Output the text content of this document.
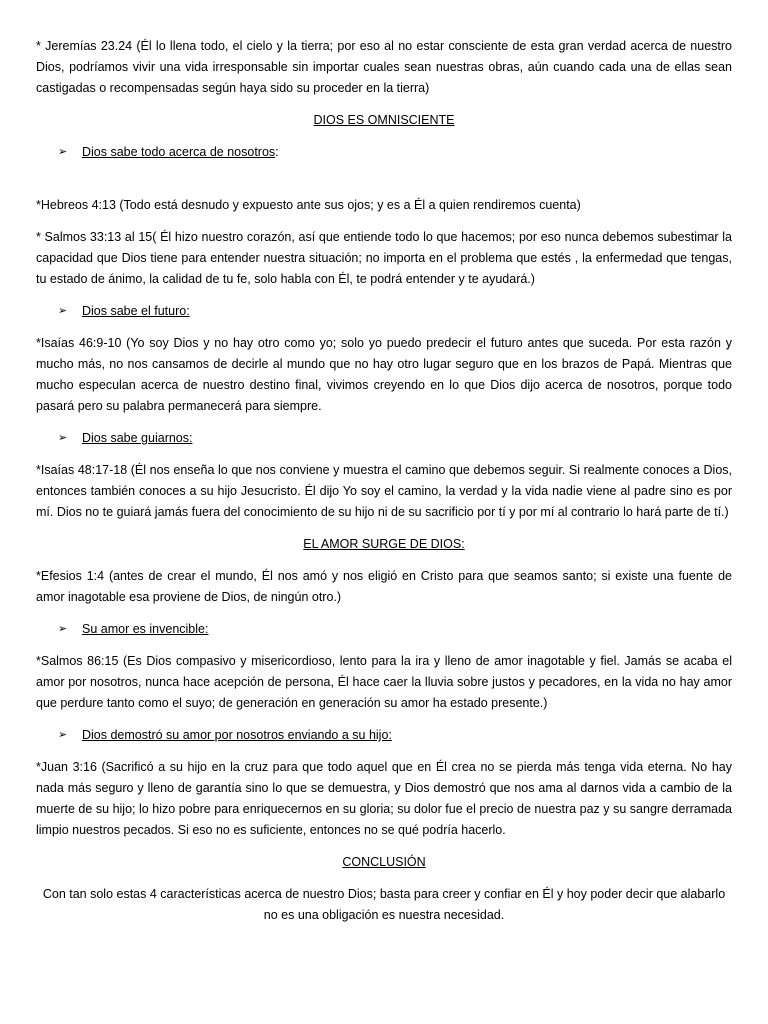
* Jeremías 23.24 (Él lo llena todo, el cielo y la tierra; por eso al no estar consciente de esta gran verdad acerca de nuestro Dios, podríamos vivir una vida irresponsable sin importar cuales sean nuestras obras, aún cuando cada una de ellas sean castigadas o recompensadas según haya sido su proceder en la tierra)

DIOS ES OMNISCIENTE

➢ Dios sabe todo acerca de nosotros:

*Hebreos 4:13 (Todo está desnudo y expuesto ante sus ojos; y es a Él a quien rendiremos cuenta)

* Salmos 33:13 al 15( Él hizo nuestro corazón, así que entiende todo lo que hacemos; por eso nunca debemos subestimar la capacidad que Dios tiene para entender nuestra situación; no importa en el problema que estés , la enfermedad que tengas, tu estado de ánimo, la calidad de tu fe, solo habla con Él, te podrá entender y te ayudará.)

➢ Dios sabe el futuro:

*Isaías 46:9-10 (Yo soy Dios y no hay otro como yo; solo yo puedo predecir el futuro antes que suceda. Por esta razón y mucho más, no nos cansamos de decirle al mundo que no hay otro lugar seguro que en los brazos de Papá. Mientras que mucho especulan acerca de nuestro destino final, vivimos creyendo en lo que Dios dijo acerca de nosotros, porque todo pasará pero su palabra permanecerá para siempre.

➢ Dios sabe guiarnos:

*Isaías 48:17-18 (Él nos enseña lo que nos conviene y muestra el camino que debemos seguir. Si realmente conoces a Dios, entonces también conoces a su hijo Jesucristo. Él dijo Yo soy el camino, la verdad y la vida nadie viene al padre sino es por mí. Dios no te guiará jamás fuera del conocimiento de su hijo ni de su sacrificio por tí y por mí al contrario lo hará parte de tí.)

EL AMOR SURGE DE DIOS:

*Efesios 1:4 (antes de crear el mundo, Él nos amó y nos eligió en Cristo para que seamos santo; si existe una fuente de amor inagotable esa proviene de Dios, de ningún otro.)

➢ Su amor es invencible:

*Salmos 86:15 (Es Dios compasivo y misericordioso, lento para la ira y lleno de amor inagotable y fiel. Jamás se acaba el amor por nosotros, nunca hace acepción de persona, Él hace caer la lluvia sobre justos y pecadores, en la vida no hay amor que perdure tanto como el suyo; de generación en generación su amor ha estado presente.)

➢ Dios demostró su amor por nosotros enviando a su hijo:

*Juan 3:16 (Sacrificó a su hijo en la cruz para que todo aquel que en Él crea no se pierda más tenga vida eterna. No hay nada más seguro y lleno de garantía sino lo que se demuestra, y Dios demostró que nos ama al darnos vida a cambio de la muerte de su hijo; lo hizo pobre para enriquecernos en su gloria; su dolor fue el precio de nuestra paz y su sangre derramada limpio nuestros pecados. Si eso no es suficiente, entonces no se qué podría hacerlo.

CONCLUSIÓN

Con tan solo estas 4 características acerca de nuestro Dios; basta para creer y confiar en Él y hoy poder decir que alabarlo no es una obligación es nuestra necesidad.
